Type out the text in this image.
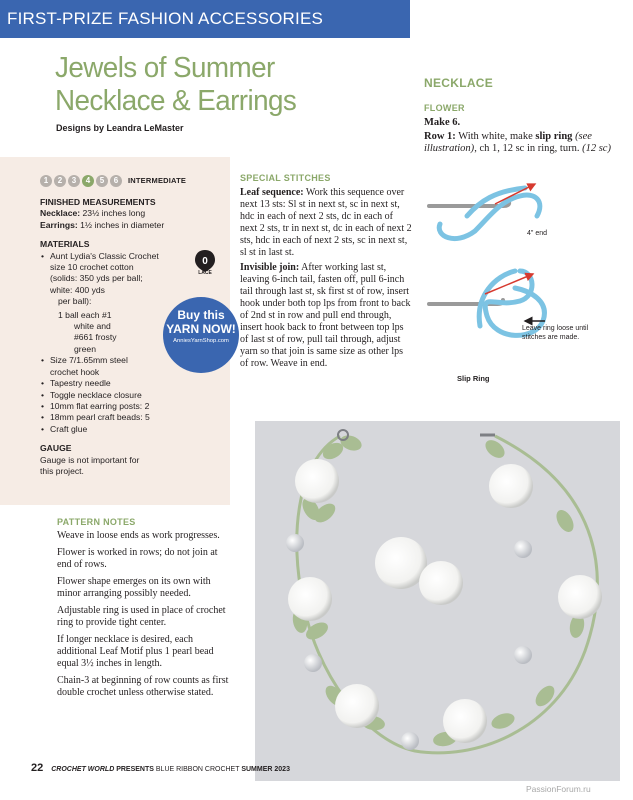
FIRST-PRIZE FASHION ACCESSORIES
Jewels of Summer
Necklace & Earrings
Designs by Leandra LeMaster
1	2	3	4	5	6	INTERMEDIATE
FINISHED MEASUREMENTS
Necklace: 23½ inches long
Earrings: 1½ inches in diameter
MATERIALS
• Aunt Lydia's Classic Crochet
size 10 crochet cotton
(solids: 350 yds per ball;
white: 400 yds
per ball):
1 ball each #1
white and
#661 frosty
green
• Size 7/1.65mm steel
crochet hook
• Tapestry needle
• Toggle necklace closure
• 10mm flat earring posts: 2
• 18mm pearl craft beads: 5
• Craft glue
GAUGE
Gauge is not important for
this project.
0
LACE
Buy this
YARN NOW!
AnniesYarnShop.com
PATTERN NOTES

Weave in loose ends as work progresses.

Flower is worked in rows; do not join at end of rows.

Flower shape emerges on its own with minor arranging possibly needed.

Adjustable ring is used in place of crochet ring to provide tight center.

If longer necklace is desired, each additional Leaf Motif plus 1 pearl bead equal 3½ inches in length.

Chain-3 at beginning of row counts as first double crochet unless otherwise stated.

SPECIAL STITCHES

Leaf sequence: Work this sequence over next 13 sts: Sl st in next st, sc in next st, hdc in each of next 2 sts, dc in each of next 2 sts, tr in next st, dc in each of next 2 sts, hdc in each of next 2 sts, sc in next st, sl st in last st.

Invisible join: After working last st, leaving 6-inch tail, fasten off, pull 6-inch tail through last st, sk first st of row, insert hook under both top lps from front to back of 2nd st in row and pull end through, insert hook back to front between top lps of last st of row, pull tail through, adjust yarn so that join is same size as other lps of row. Weave in end.

NECKLACE
FLOWER

Make 6.

Row 1: With white, make slip ring (see illustration), ch 1, 12 sc in ring, turn. (12 sc)

4" end
Leave ring loose until stitches are made.
Slip Ring
22 CROCHET WORLD PRESENTS BLUE RIBBON CROCHET SUMMER 2023
PassionForum.ru
